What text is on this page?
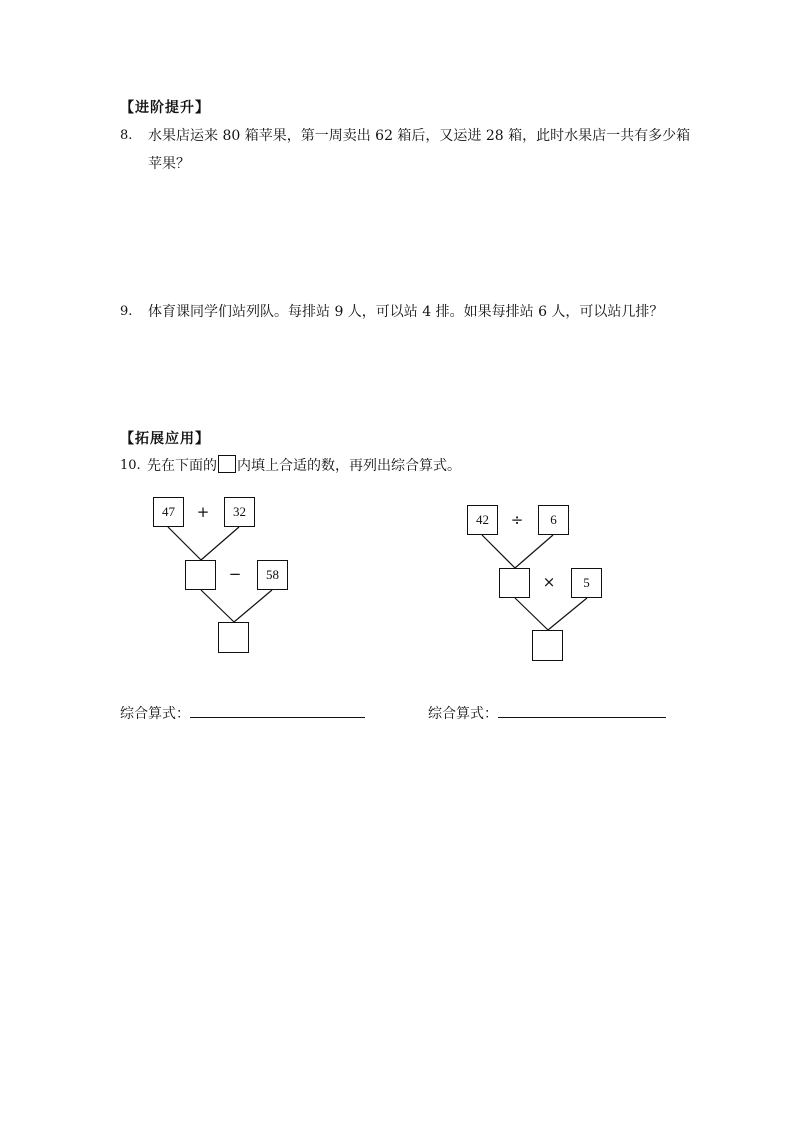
【进阶提升】
8. 水果店运来 80 箱苹果，第一周卖出 62 箱后，又运进 28 箱，此时水果店一共有多少箱
苹果？
9. 体育课同学们站列队。每排站 9 人，可以站 4 排。如果每排站 6 人，可以站几排？
【拓展应用】
10. 先在下面的 内填上合适的数，再列出综合算式。
47	+	32
−	58
42	÷	6
×	5
综合算式：	综合算式：
